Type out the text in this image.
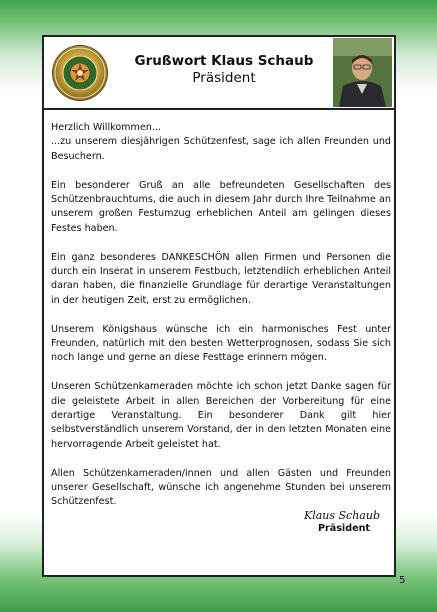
Grußwort Klaus Schaub
Präsident

Herzlich Willkommen...

...zu unserem diesjährigen Schützenfest, sage ich allen Freunden und Besuchern.

Ein besonderer Gruß an alle befreundeten Gesellschaften des Schützenbrauchtums, die auch in diesem Jahr durch Ihre Teilnahme an unserem großen Festumzug erheblichen Anteil am gelingen dieses Festes haben.

Ein ganz besonderes DANKESCHÖN allen Firmen und Personen die durch ein Inserat in unserem Festbuch, letztendlich erheblichen Anteil daran haben, die finanzielle Grundlage für derartige Veranstaltungen in der heutigen Zeit, erst zu ermöglichen.

Unserem Königshaus wünsche ich ein harmonisches Fest unter Freunden, natürlich mit den besten Wetterprognosen, sodass Sie sich noch lange und gerne an diese Festtage erinnern mögen.

Unseren Schützenkameraden möchte ich schon jetzt Danke sagen für die geleistete Arbeit in allen Bereichen der Vorbereitung für eine derartige Veranstaltung. Ein besonderer Dank gilt hier selbstverständlich unserem Vorstand, der in den letzten Monaten eine hervorragende Arbeit geleistet hat.

Allen Schützenkameraden/innen und allen Gästen und Freunden unserer Gesellschaft, wünsche ich angenehme Stunden bei unserem Schützenfest.

Klaus Schaub
Präsident
5
